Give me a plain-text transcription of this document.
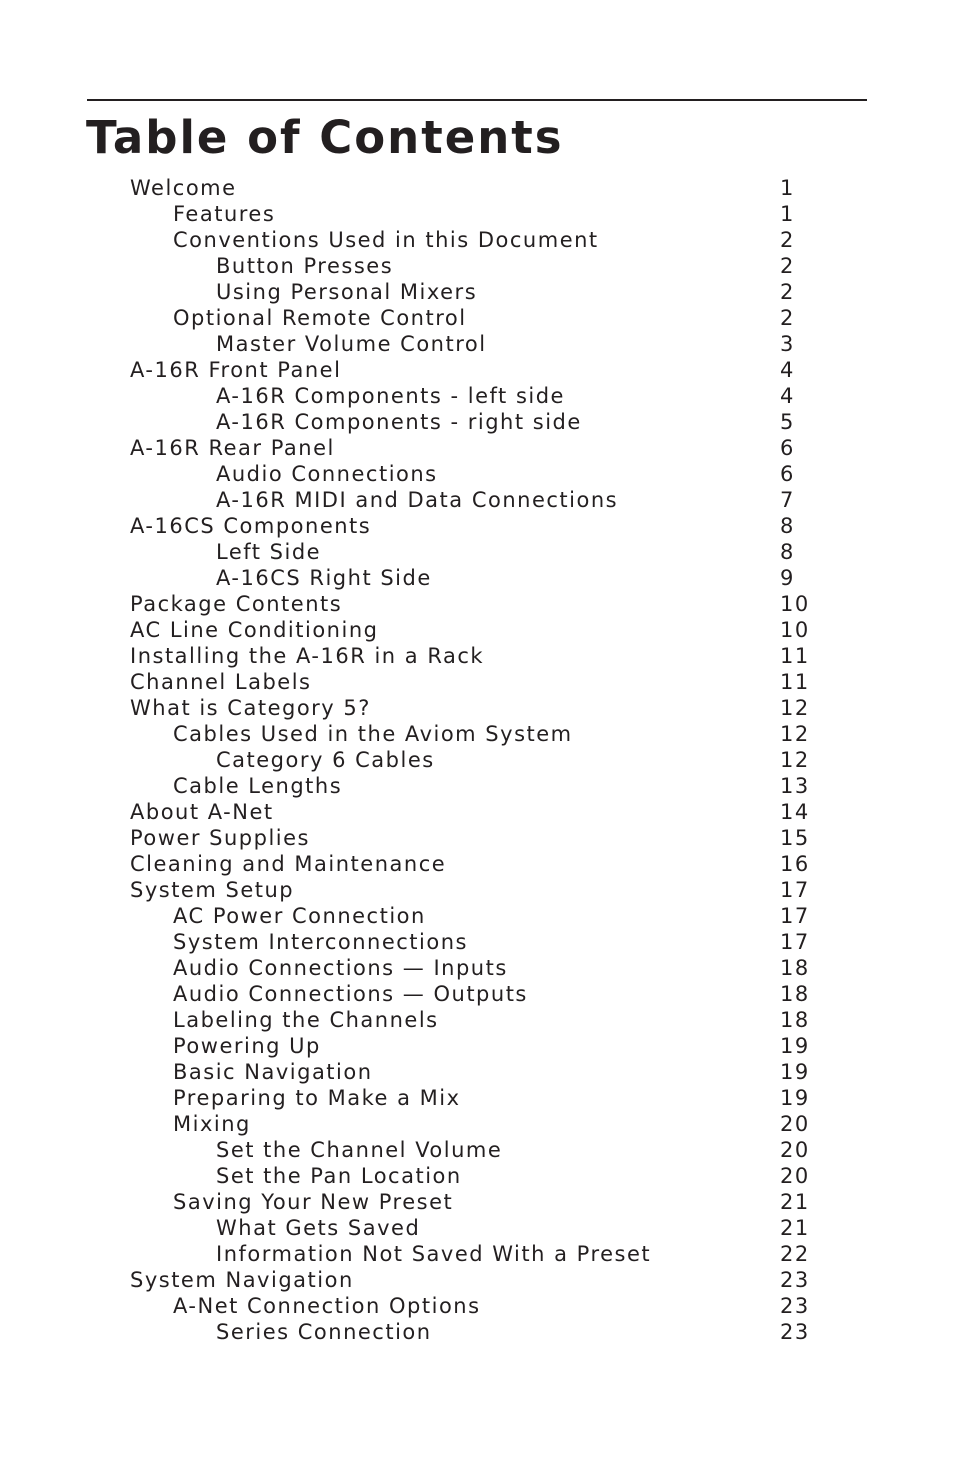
Table of Contents
Welcome	1
Features	1
Conventions Used in this Document	2
Button Presses	2
Using Personal Mixers	2
Optional Remote Control	2
Master Volume Control	3
A-16R Front Panel	4
A-16R Components - left side	4
A-16R Components - right side	5
A-16R Rear Panel	6
Audio Connections	6
A-16R MIDI and Data Connections	7
A-16CS Components	8
Left Side	8
A-16CS Right Side	9
Package Contents	10
AC Line Conditioning	10
Installing the A-16R in a Rack	11
Channel Labels	11
What is Category 5?	12
Cables Used in the Aviom System	12
Category 6 Cables	12
Cable Lengths	13
About A-Net	14
Power Supplies	15
Cleaning and Maintenance	16
System Setup	17
AC Power Connection	17
System Interconnections	17
Audio Connections — Inputs	18
Audio Connections — Outputs	18
Labeling the Channels	18
Powering Up	19
Basic Navigation	19
Preparing to Make a Mix	19
Mixing	20
Set the Channel Volume	20
Set the Pan Location	20
Saving Your New Preset	21
What Gets Saved	21
Information Not Saved With a Preset	22
System Navigation	23
A-Net Connection Options	23
Series Connection	23
